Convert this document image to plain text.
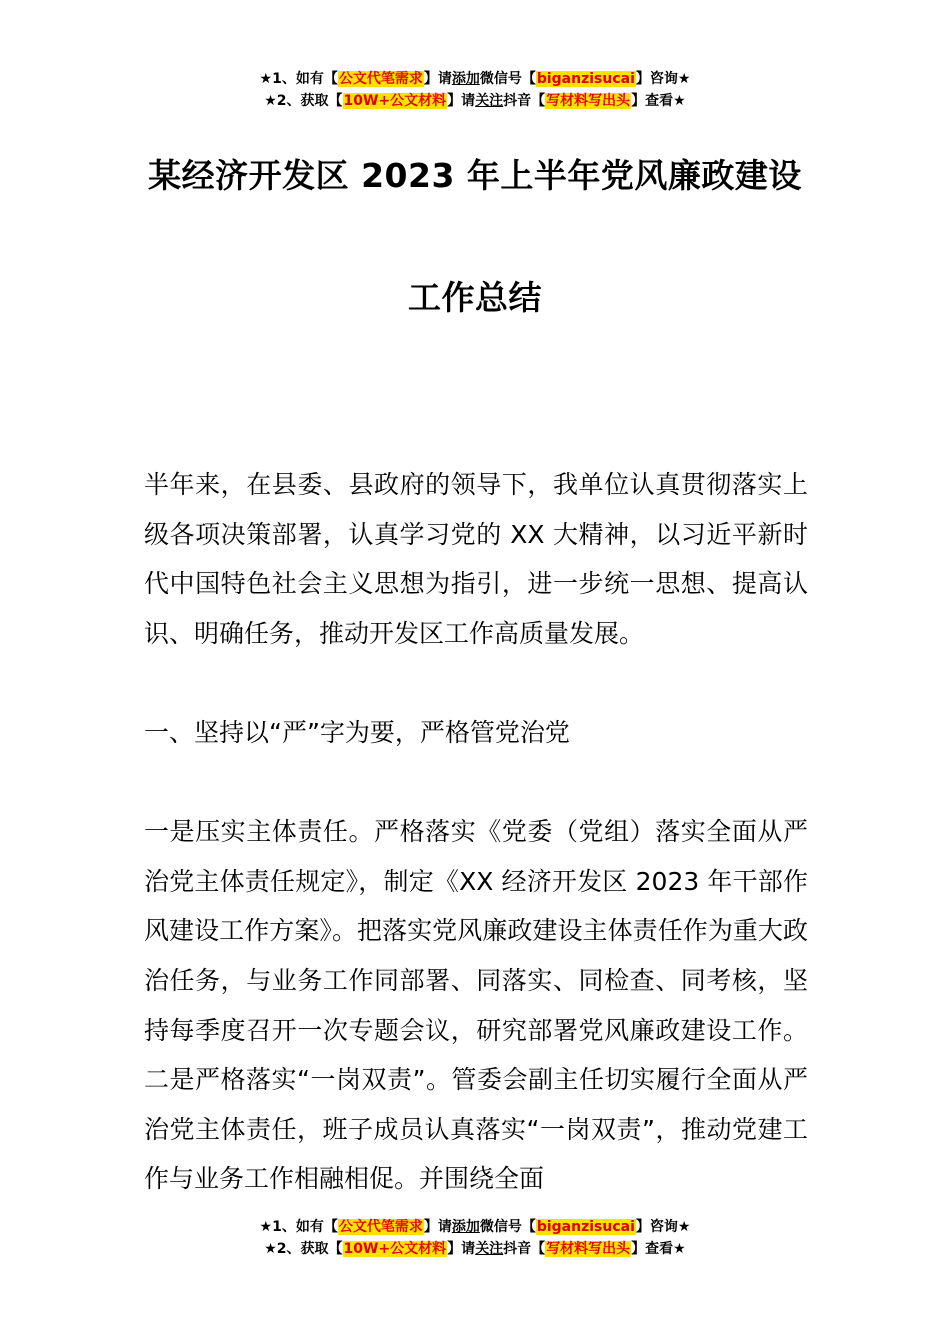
★1、如有【公文代笔需求】请添加微信号【biganzisucai】咨询★
★2、获取【10W+公文材料】请关注抖音【写材料写出头】查看★
某经济开发区 2023 年上半年党风廉政建设
工作总结

半年来，在县委、县政府的领导下，我单位认真贯彻落实上级各项决策部署，认真学习党的 XX 大精神，以习近平新时代中国特色社会主义思想为指引，进一步统一思想、提高认识、明确任务，推动开发区工作高质量发展。

一、坚持以“严”字为要，严格管党治党

一是压实主体责任。严格落实《党委（党组）落实全面从严治党主体责任规定》，制定《XX 经济开发区 2023 年干部作风建设工作方案》。把落实党风廉政建设主体责任作为重大政治任务，与业务工作同部署、同落实、同检查、同考核，坚持每季度召开一次专题会议，研究部署党风廉政建设工作。二是严格落实“一岗双责”。管委会副主任切实履行全面从严治党主体责任，班子成员认真落实“一岗双责”，推动党建工作与业务工作相融相促。并围绕全面

★1、如有【公文代笔需求】请添加微信号【biganzisucai】咨询★
★2、获取【10W+公文材料】请关注抖音【写材料写出头】查看★
